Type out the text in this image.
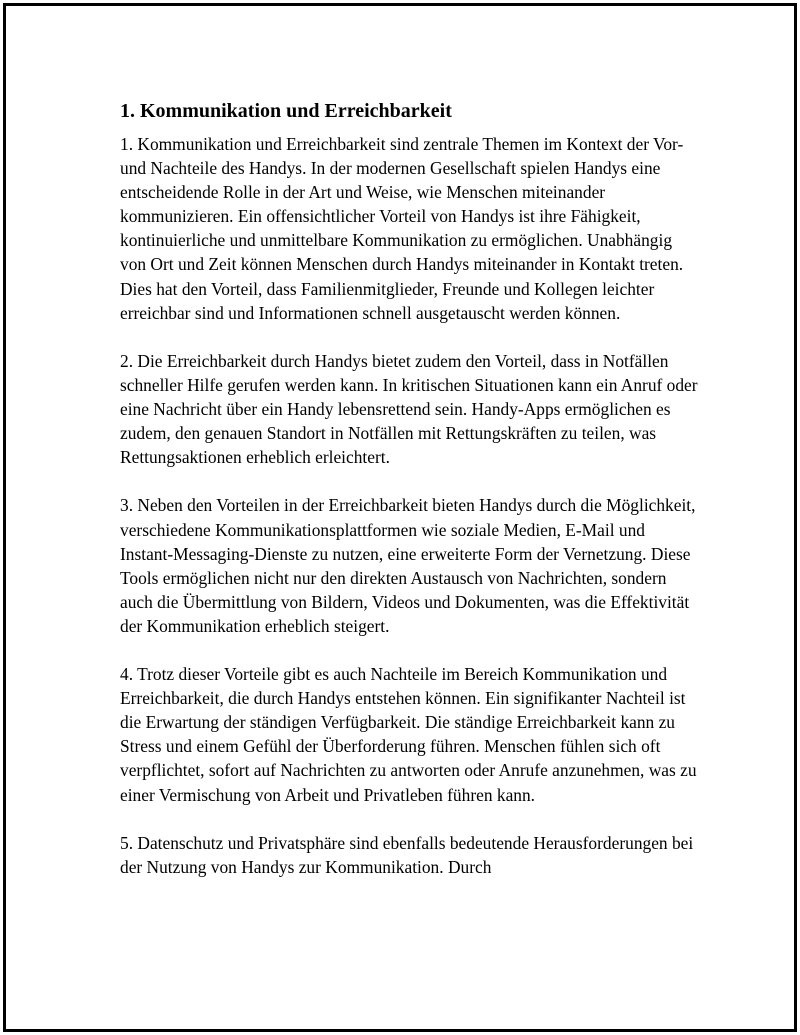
1. Kommunikation und Erreichbarkeit

1. Kommunikation und Erreichbarkeit sind zentrale Themen im Kontext der Vor- und Nachteile des Handys. In der modernen Gesellschaft spielen Handys eine entscheidende Rolle in der Art und Weise, wie Menschen miteinander kommunizieren. Ein offensichtlicher Vorteil von Handys ist ihre Fähigkeit, kontinuierliche und unmittelbare Kommunikation zu ermöglichen. Unabhängig von Ort und Zeit können Menschen durch Handys miteinander in Kontakt treten. Dies hat den Vorteil, dass Familienmitglieder, Freunde und Kollegen leichter erreichbar sind und Informationen schnell ausgetauscht werden können.

2. Die Erreichbarkeit durch Handys bietet zudem den Vorteil, dass in Notfällen schneller Hilfe gerufen werden kann. In kritischen Situationen kann ein Anruf oder eine Nachricht über ein Handy lebensrettend sein. Handy-Apps ermöglichen es zudem, den genauen Standort in Notfällen mit Rettungskräften zu teilen, was Rettungsaktionen erheblich erleichtert.

3. Neben den Vorteilen in der Erreichbarkeit bieten Handys durch die Möglichkeit, verschiedene Kommunikationsplattformen wie soziale Medien, E-Mail und Instant-Messaging-Dienste zu nutzen, eine erweiterte Form der Vernetzung. Diese Tools ermöglichen nicht nur den direkten Austausch von Nachrichten, sondern auch die Übermittlung von Bildern, Videos und Dokumenten, was die Effektivität der Kommunikation erheblich steigert.

4. Trotz dieser Vorteile gibt es auch Nachteile im Bereich Kommunikation und Erreichbarkeit, die durch Handys entstehen können. Ein signifikanter Nachteil ist die Erwartung der ständigen Verfügbarkeit. Die ständige Erreichbarkeit kann zu Stress und einem Gefühl der Überforderung führen. Menschen fühlen sich oft verpflichtet, sofort auf Nachrichten zu antworten oder Anrufe anzunehmen, was zu einer Vermischung von Arbeit und Privatleben führen kann.

5. Datenschutz und Privatsphäre sind ebenfalls bedeutende Herausforderungen bei der Nutzung von Handys zur Kommunikation. Durch
